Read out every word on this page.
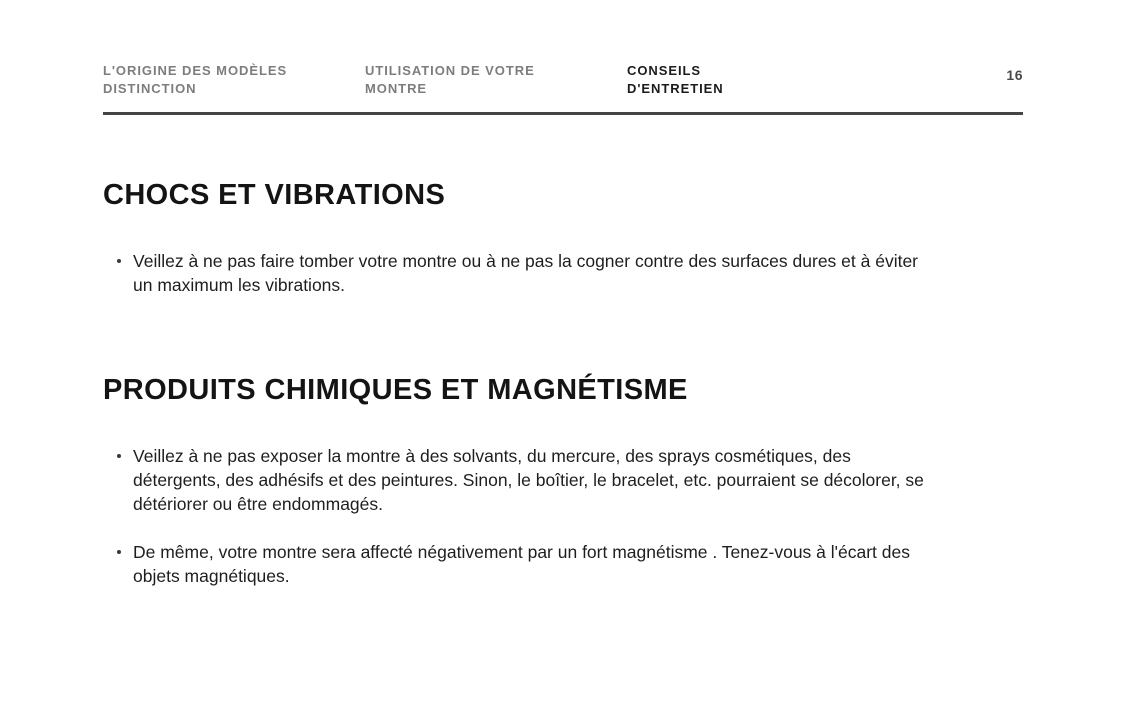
L'ORIGINE DES MODÈLES
DISTINCTION
UTILISATION DE VOTRE
MONTRE
CONSEILS
D'ENTRETIEN
16
CHOCS ET VIBRATIONS
Veillez à ne pas faire tomber votre montre ou à ne pas la cogner contre des surfaces dures et à éviter un maximum les vibrations.
PRODUITS CHIMIQUES ET MAGNÉTISME
Veillez à ne pas exposer la montre à des solvants, du mercure, des sprays cosmétiques, des détergents, des adhésifs et des peintures. Sinon, le boîtier, le bracelet, etc. pourraient se décolorer, se détériorer ou être endommagés.
De même, votre montre sera affecté négativement par un fort magnétisme . Tenez-vous à l'écart des objets magnétiques.
